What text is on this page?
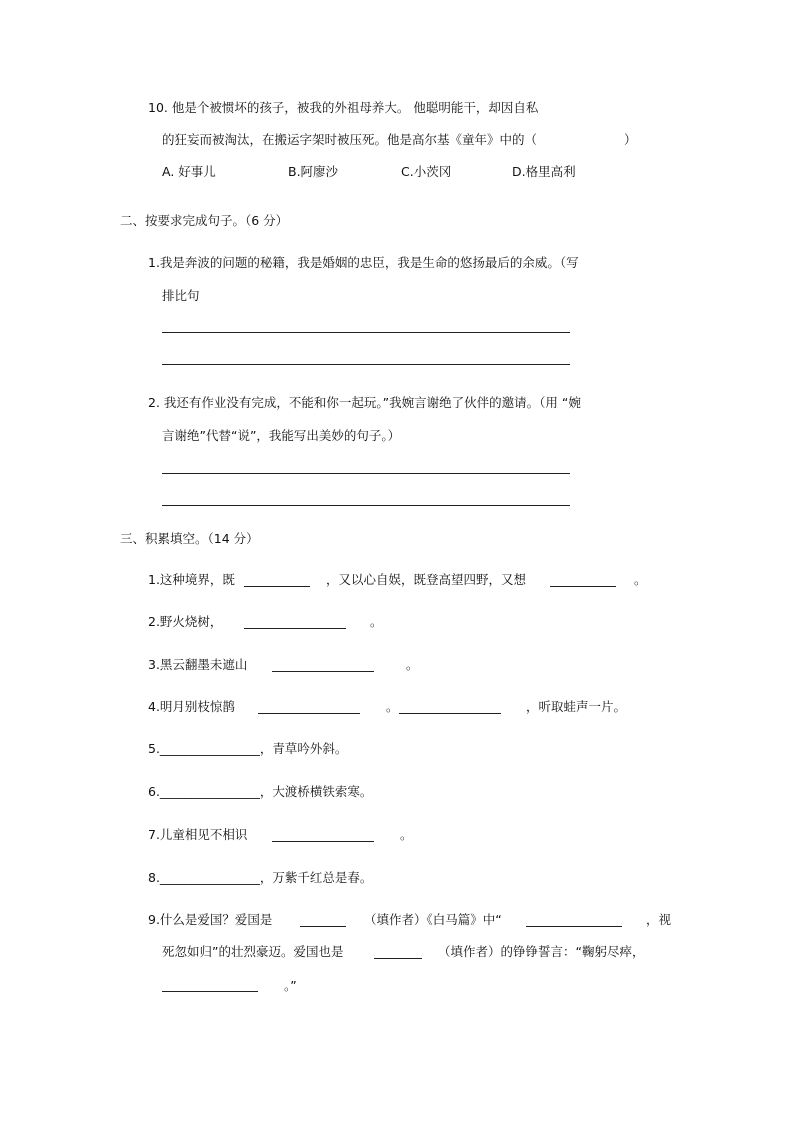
10. 他是个被惯坏的孩子，被我的外祖母养大。 他聪明能干，却因自私
的狂妄而被淘汰，在搬运字架时被压死。他是高尔基《童年》中的（	）
A. 好事儿	B.阿廖沙	C.小茨冈	D.格里高利
二、按要求完成句子。（6 分）
1.我是奔波的问题的秘籍，我是婚姻的忠臣，我是生命的悠扬最后的余威。（写
排比句
2. 我还有作业没有完成，不能和你一起玩。”我婉言谢绝了伙伴的邀请。（用 “婉
言谢绝”代替“说”，我能写出美妙的句子。）
三、积累填空。（14 分）
1.这种境界，既	，又以心自娱，既登高望四野，又想	。
2.野火烧树，	。
3.黑云翻墨未遮山	。
4.明月别枝惊鹊	。	，听取蛙声一片。
5.________________，青草吟外斜。
6.________________，大渡桥横铁索寒。
7.儿童相见不相识	。
8.________________，万紫千红总是春。
9.什么是爱国？爱国是	（填作者）《白马篇》中“	，视
死忽如归”的壮烈豪迈。爱国也是	（填作者）的铮铮誓言：“鞠躬尽瘁，
。”
